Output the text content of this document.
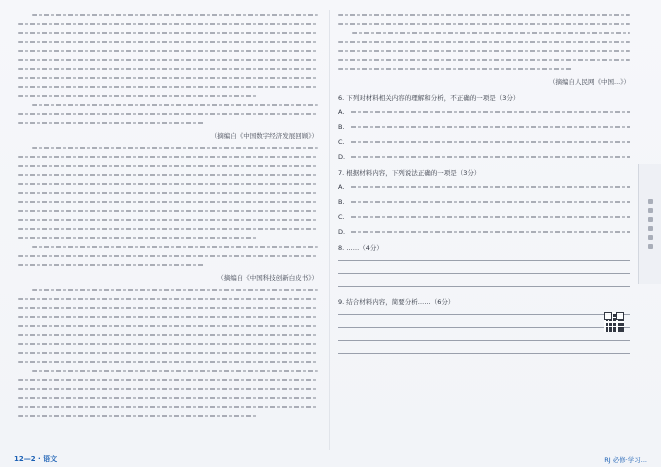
（摘编自《中国数字经济发展回顾》）
（摘编自《中国科技创新白皮书》）
（摘编自人民网《中国...》）
6. 下列对材料相关内容的理解和分析，不正确的一项是（3分）
A.
B.
C.
D.
7. 根据材料内容，下列说法正确的一项是（3分）
A.
B.
C.
D.
8. ……（4分）
9. 结合材料内容，简要分析……（6分）
12—2 · 语文	RJ 必修·学习...
